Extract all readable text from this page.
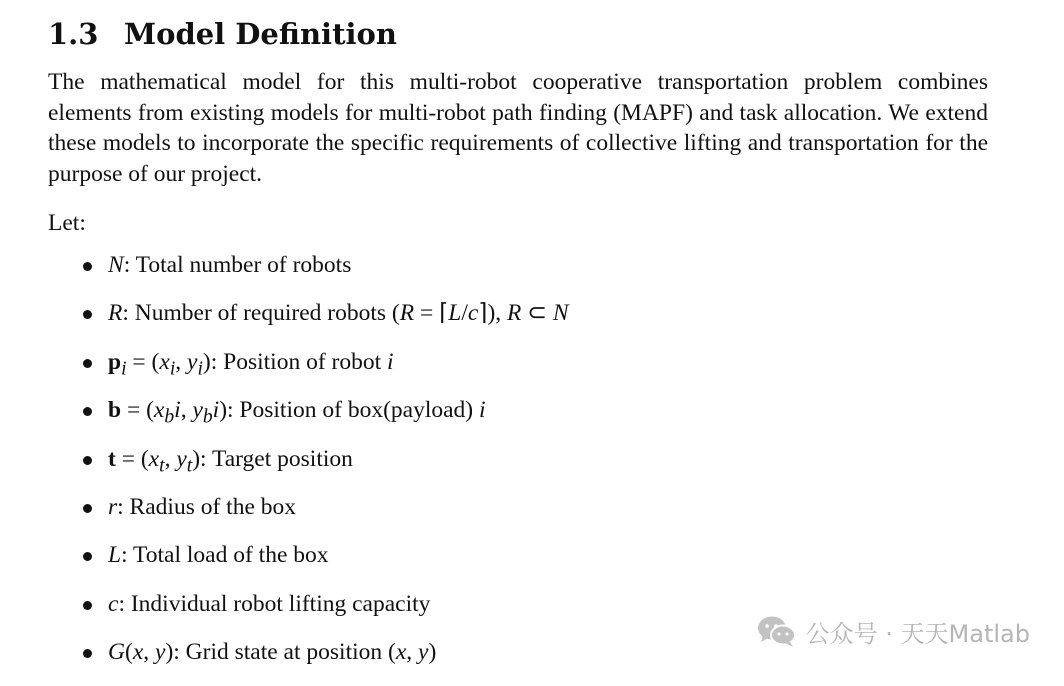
1.3 Model Definition

The mathematical model for this multi-robot cooperative transportation problem combines elements from existing models for multi-robot path finding (MAPF) and task allocation. We extend these models to incorporate the specific requirements of collective lifting and transportation for the purpose of our project.

Let:

N: Total number of robots
R: Number of required robots (R = ⌈L/c⌉), R ⊂ N
$p_i = (x_i$, $y_i$): Position of robot i
$b = (x_bi$, $y_bi$): Position of box(payload) i
$t = (x_t$, $y_t$): Target position
r: Radius of the box
L: Total load of the box
c: Individual robot lifting capacity
G(x, y): Grid state at position (x, y)
公众号 · 天天Matlab
